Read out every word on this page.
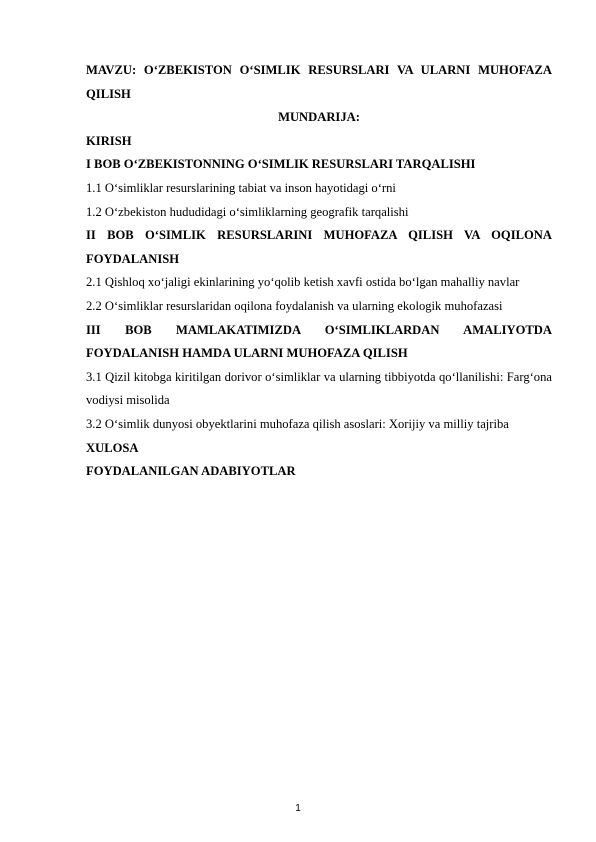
MAVZU: O‘ZBEKISTON O‘SIMLIK RESURSLARI VA ULARNI MUHOFAZA QILISH

MUNDARIJA:

KIRISH

I BOB O‘ZBEKISTONNING O‘SIMLIK RESURSLARI TARQALISHI

1.1 O‘simliklar resurslarining tabiat va inson hayotidagi o‘rni

1.2 O‘zbekiston hududidagi o‘simliklarning geografik tarqalishi

II BOB O‘SIMLIK RESURSLARINI MUHOFAZA QILISH VA OQILONA FOYDALANISH

2.1 Qishloq xo‘jaligi ekinlarining yo‘qolib ketish xavfi ostida bo‘lgan mahalliy navlar

2.2 O‘simliklar resurslaridan oqilona foydalanish va ularning ekologik muhofazasi

III BOB MAMLAKATIMIZDA O‘SIMLIKLARDAN AMALIYOTDA FOYDALANISH HAMDA ULARNI MUHOFAZA QILISH

3.1 Qizil kitobga kiritilgan dorivor o‘simliklar va ularning tibbiyotda qo‘llanilishi: Farg‘ona vodiysi misolida

3.2 O‘simlik dunyosi obyektlarini muhofaza qilish asoslari: Xorijiy va milliy tajriba

XULOSA

FOYDALANILGAN ADABIYOTLAR

1
